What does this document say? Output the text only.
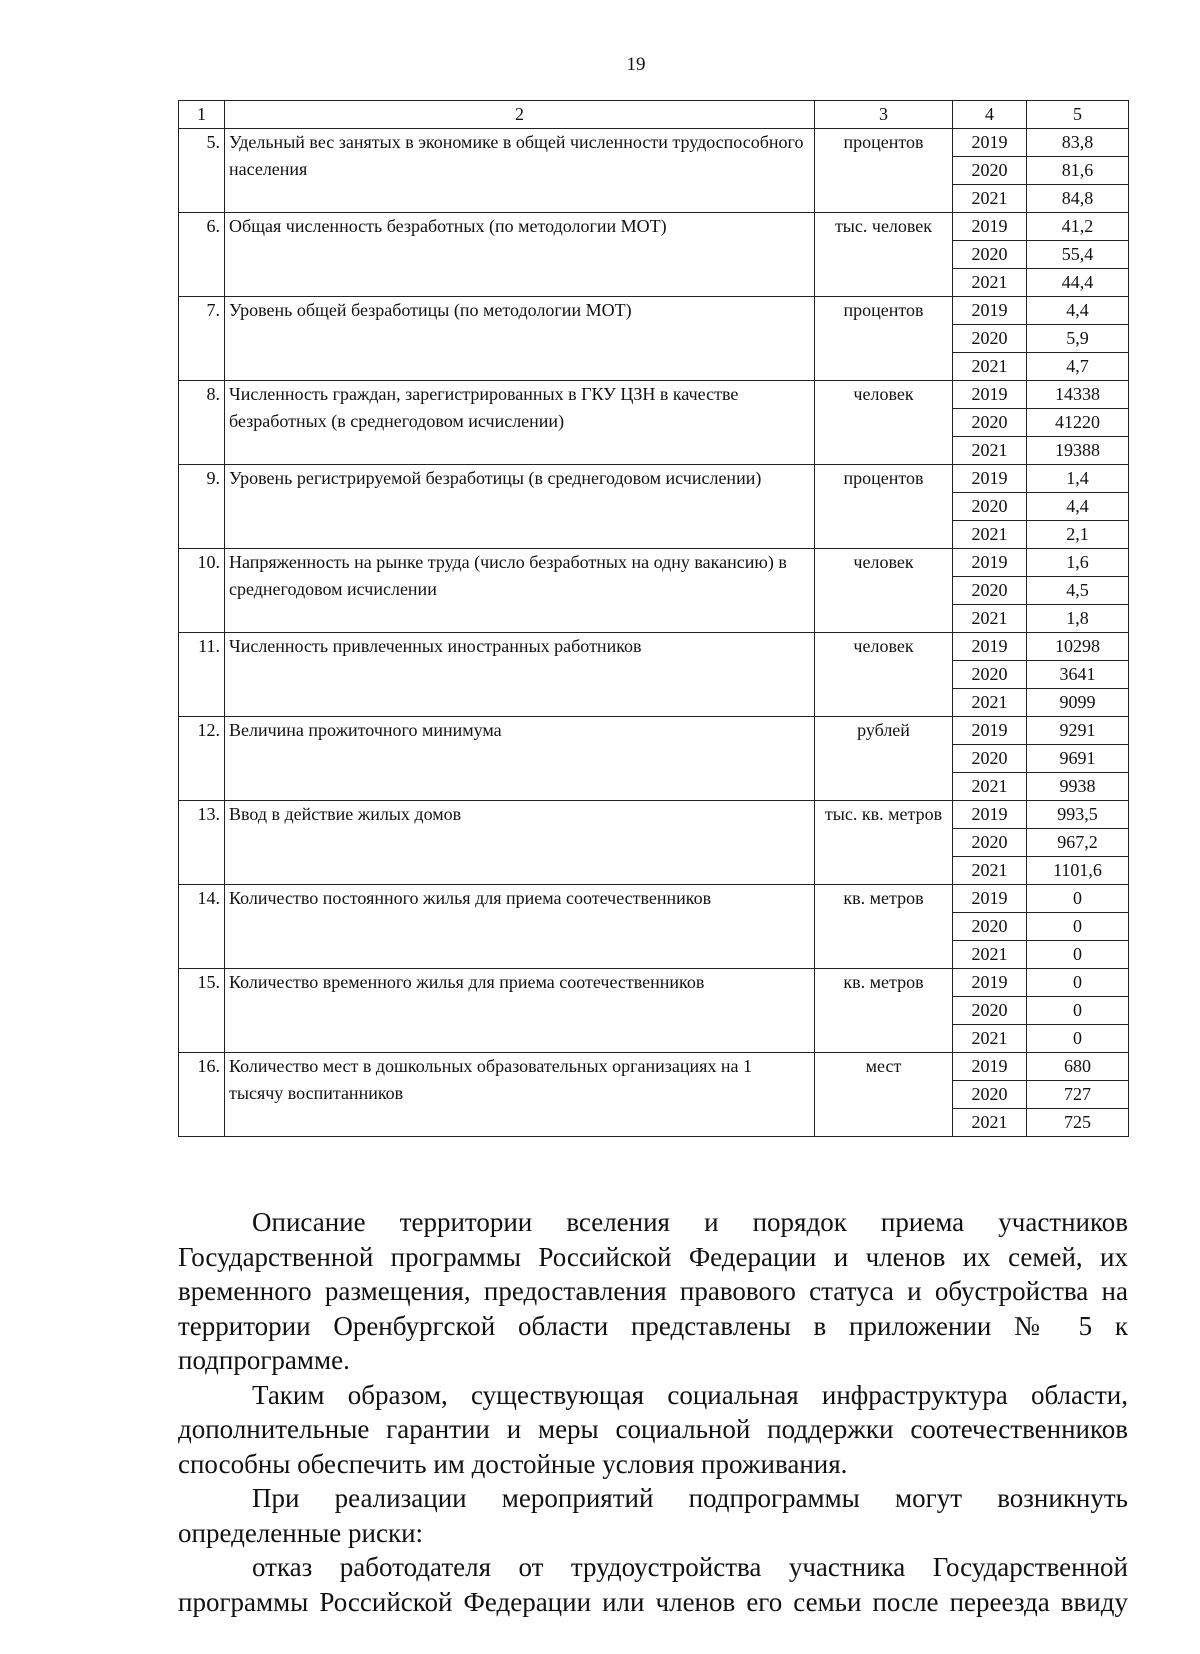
19
1	2	3	4	5
5.	Удельный вес занятых в экономике в общей численности трудоспособного населения	процентов	2019	83,8
			2020	81,6
			2021	84,8
6.	Общая численность безработных (по методологии МОТ)	тыс. человек	2019	41,2
			2020	55,4
			2021	44,4
7.	Уровень общей безработицы (по методологии МОТ)	процентов	2019	4,4
			2020	5,9
			2021	4,7
8.	Численность граждан, зарегистрированных в ГКУ ЦЗН в качестве безработных (в среднегодовом исчислении)	человек	2019	14338
			2020	41220
			2021	19388
9.	Уровень регистрируемой безработицы (в среднегодовом исчислении)	процентов	2019	1,4
			2020	4,4
			2021	2,1
10.	Напряженность на рынке труда (число безработных на одну вакансию) в среднегодовом исчислении	человек	2019	1,6
			2020	4,5
			2021	1,8
11.	Численность привлеченных иностранных работников	человек	2019	10298
			2020	3641
			2021	9099
12.	Величина прожиточного минимума	рублей	2019	9291
			2020	9691
			2021	9938
13.	Ввод в действие жилых домов	тыс. кв. метров	2019	993,5
			2020	967,2
			2021	1101,6
14.	Количество постоянного жилья для приема соотечественников	кв. метров	2019	0
			2020	0
			2021	0
15.	Количество временного жилья для приема соотечественников	кв. метров	2019	0
			2020	0
			2021	0
16.	Количество мест в дошкольных образовательных организациях на 1 тысячу воспитанников	мест	2019	680
			2020	727
			2021	725

Описание территории вселения и порядок приема участников Государственной программы Российской Федерации и членов их семей, их временного размещения, предоставления правового статуса и обустройства на территории Оренбургской области представлены в приложении № 5 к подпрограмме.

Таким образом, существующая социальная инфраструктура области, дополнительные гарантии и меры социальной поддержки соотечественников способны обеспечить им достойные условия проживания.

При реализации мероприятий подпрограммы могут возникнуть определенные риски:

отказ работодателя от трудоустройства участника Государственной программы Российской Федерации или членов его семьи после переезда ввиду
